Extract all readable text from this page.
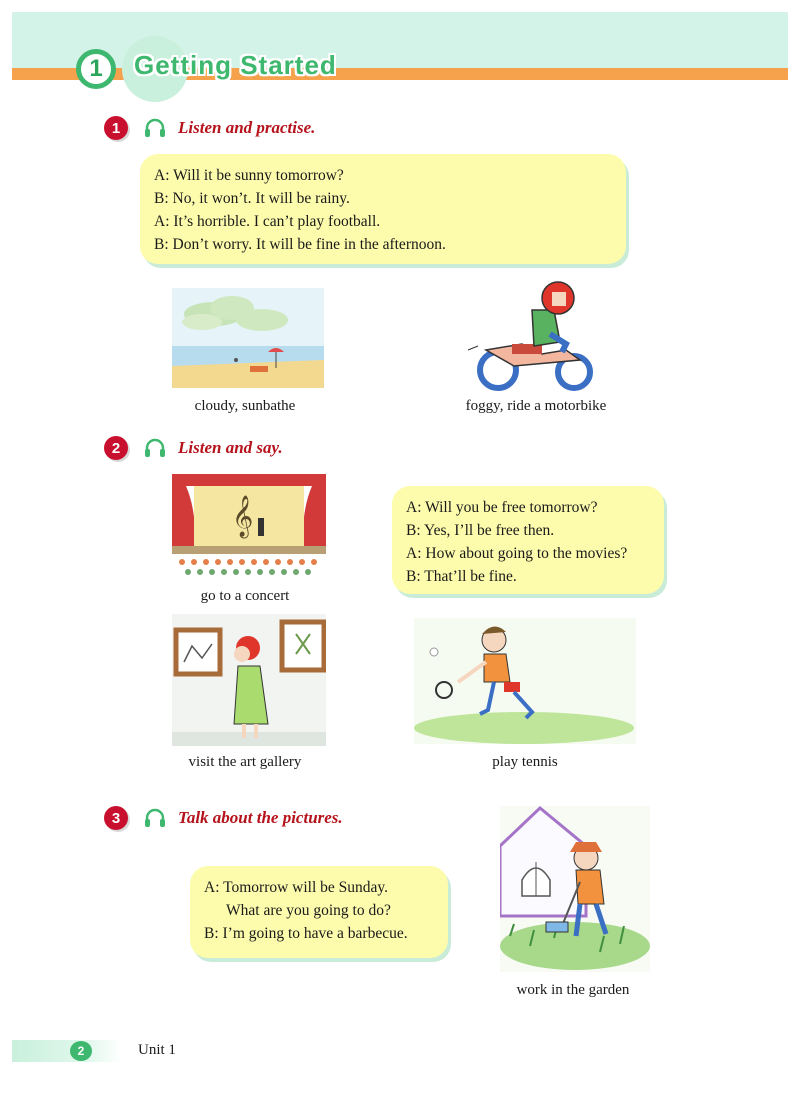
1	Getting Started
1	Listen and practise.
A: Will it be sunny tomorrow?
B: No, it won’t. It will be rainy.
A: It’s horrible. I can’t play football.
B: Don’t worry. It will be fine in the afternoon.
cloudy, sunbathe	foggy, ride a motorbike
2	Listen and say.
𝄞
go to a concert
A: Will you be free tomorrow?
B: Yes, I’ll be free then.
A: How about going to the movies?
B: That’ll be fine.
visit the art gallery	play tennis
3	Talk about the pictures.
A: Tomorrow will be Sunday.
What are you going to do?
B: I’m going to have a barbecue.
work in the garden
2	Unit 1
